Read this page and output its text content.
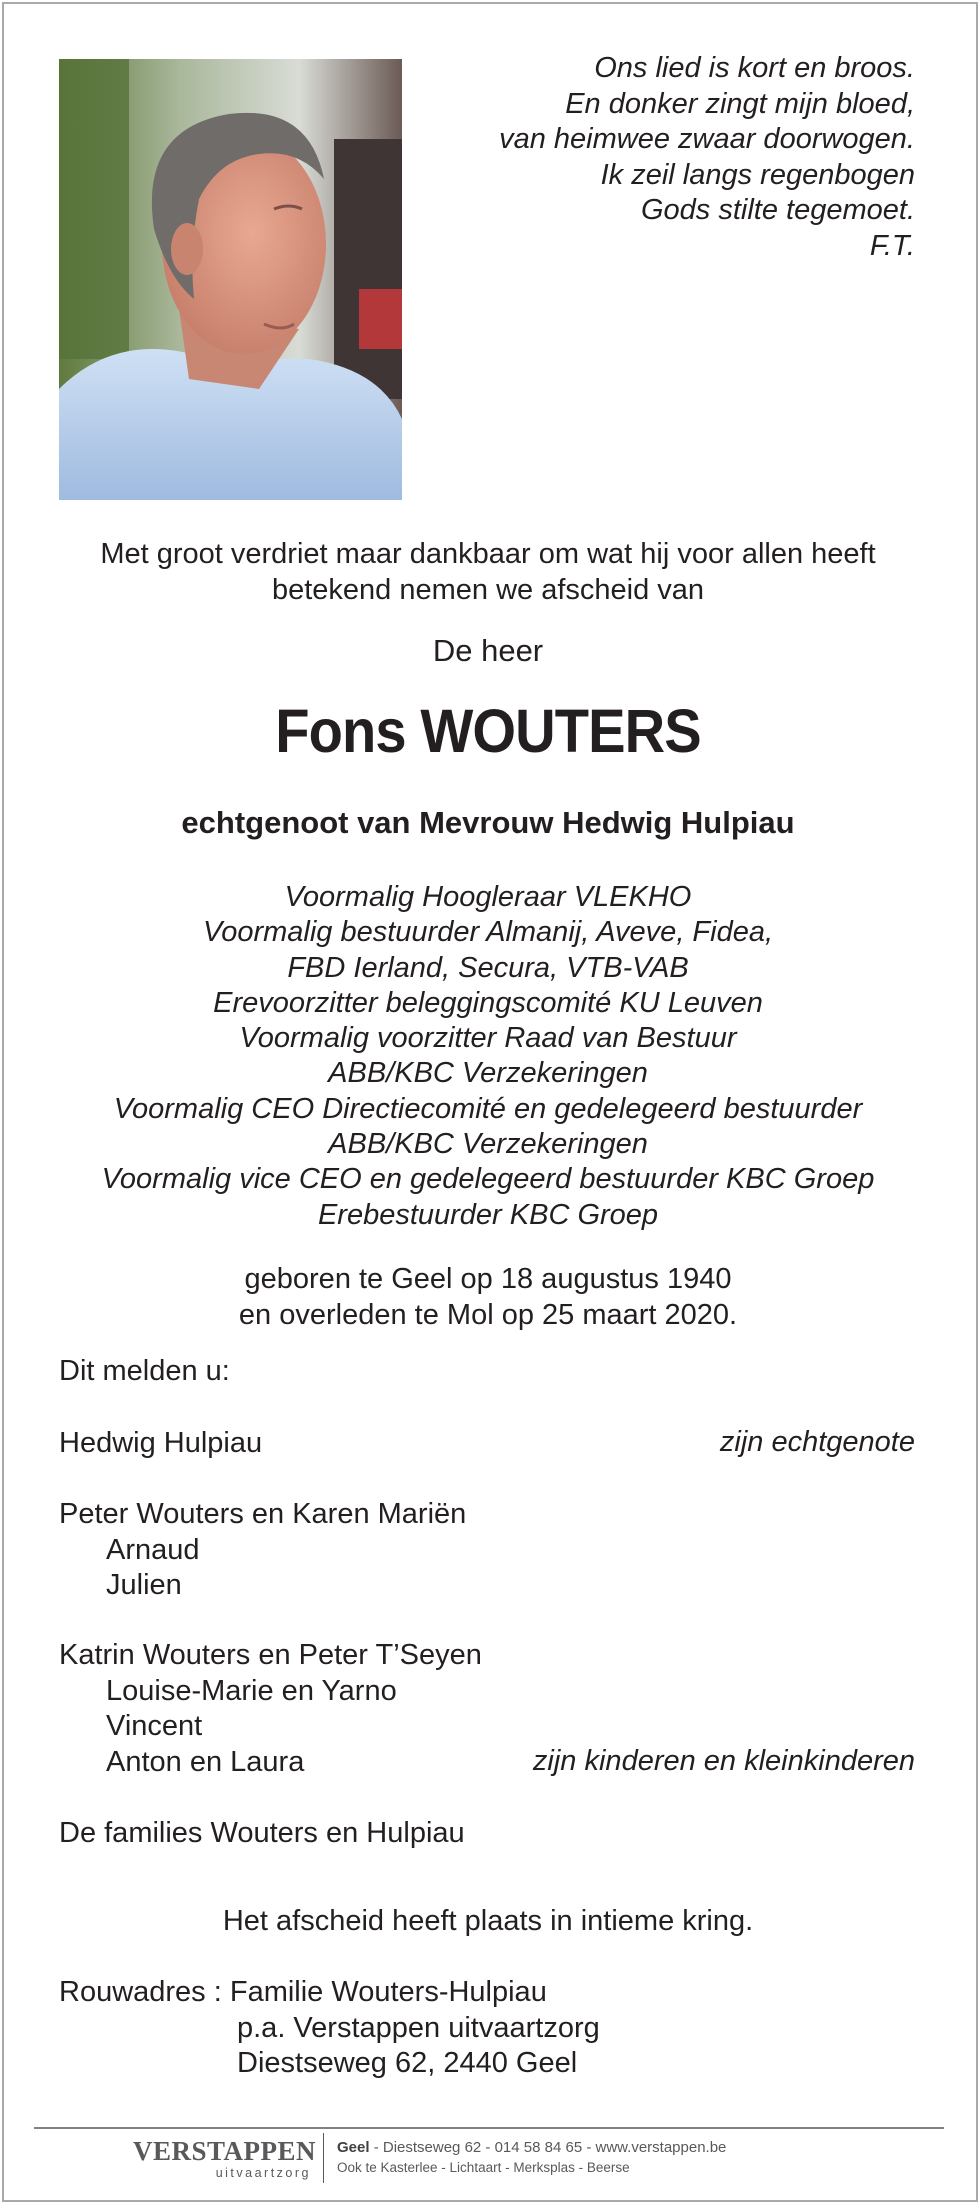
Ons lied is kort en broos.
En donker zingt mijn bloed,
van heimwee zwaar doorwogen.
Ik zeil langs regenbogen
Gods stilte tegemoet.
F.T.
Met groot verdriet maar dankbaar om wat hij voor allen heeft
betekend nemen we afscheid van
De heer
Fons WOUTERS
echtgenoot van Mevrouw Hedwig Hulpiau
Voormalig Hoogleraar VLEKHO
Voormalig bestuurder Almanij, Aveve, Fidea,
FBD Ierland, Secura, VTB-VAB
Erevoorzitter beleggingscomité KU Leuven
Voormalig voorzitter Raad van Bestuur
ABB/KBC Verzekeringen
Voormalig CEO Directiecomité en gedelegeerd bestuurder
ABB/KBC Verzekeringen
Voormalig vice CEO en gedelegeerd bestuurder KBC Groep
Erebestuurder KBC Groep
geboren te Geel op 18 augustus 1940
en overleden te Mol op 25 maart 2020.
Dit melden u:
Hedwig Hulpiau	zijn echtgenote
Peter Wouters en Karen Mariën
Arnaud
Julien
Katrin Wouters en Peter T’Seyen
Louise-Marie en Yarno
Vincent
Anton en Laura	zijn kinderen en kleinkinderen
De families Wouters en Hulpiau
Het afscheid heeft plaats in intieme kring.
Rouwadres : Familie Wouters-Hulpiau
p.a. Verstappen uitvaartzorg
Diestseweg 62, 2440 Geel
VERSTAPPEN
uitvaartzorg
Geel - Diestseweg 62 - 014 58 84 65 - www.verstappen.be
Ook te Kasterlee - Lichtaart - Merksplas - Beerse
